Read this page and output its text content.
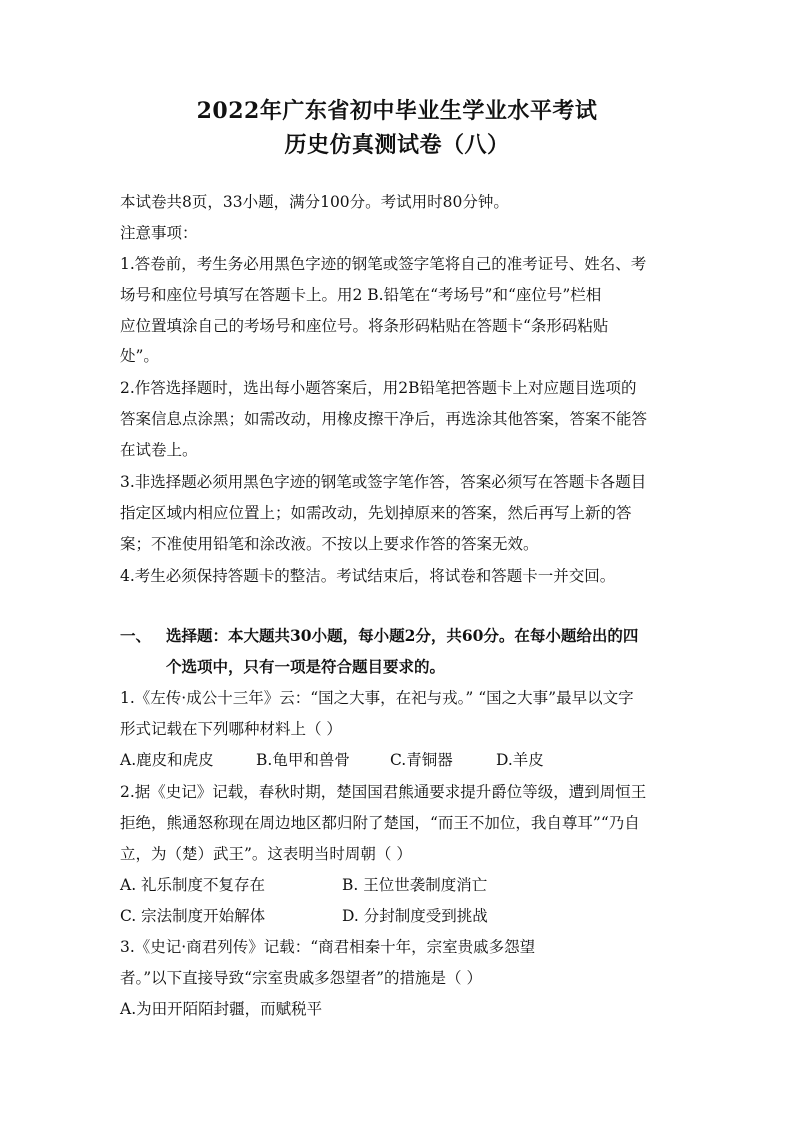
2022年广东省初中毕业生学业水平考试
历史仿真测试卷（八）
本试卷共8页，33小题，满分100分。考试用时80分钟。
注意事项：
1.答卷前，考生务必用黑色字迹的钢笔或签字笔将自己的准考证号、姓名、考
场号和座位号填写在答题卡上。用2 B.铅笔在“考场号”和“座位号”栏相
应位置填涂自己的考场号和座位号。将条形码粘贴在答题卡“条形码粘贴
处”。
2.作答选择题时，选出每小题答案后，用2B铅笔把答题卡上对应题目选项的
答案信息点涂黑；如需改动，用橡皮擦干净后，再选涂其他答案，答案不能答
在试卷上。
3.非选择题必须用黑色字迹的钢笔或签字笔作答，答案必须写在答题卡各题目
指定区域内相应位置上；如需改动，先划掉原来的答案，然后再写上新的答
案；不准使用铅笔和涂改液。不按以上要求作答的答案无效。
4.考生必须保持答题卡的整洁。考试结束后，将试卷和答题卡一并交回。
一、 选择题：本大题共30小题，每小题2分，共60分。在每小题给出的四
个选项中，只有一项是符合题目要求的。
1.《左传·成公十三年》云：“国之大事，在祀与戎。” “国之大事”最早以文字
形式记载在下列哪种材料上（ ）
A.鹿皮和虎皮	B.龟甲和兽骨	C.青铜器	D.羊皮
2.据《史记》记载，春秋时期，楚国国君熊通要求提升爵位等级，遭到周恒王
拒绝，熊通怒称现在周边地区都归附了楚国，“而王不加位，我自尊耳”“乃自
立，为（楚）武王”。这表明当时周朝（ ）
A. 礼乐制度不复存在	B. 王位世袭制度消亡
C. 宗法制度开始解体	D. 分封制度受到挑战
3.《史记·商君列传》记载：“商君相秦十年，宗室贵戚多怨望
者。”以下直接导致“宗室贵戚多怨望者”的措施是（ ）
A.为田开陌陌封疆，而赋税平
